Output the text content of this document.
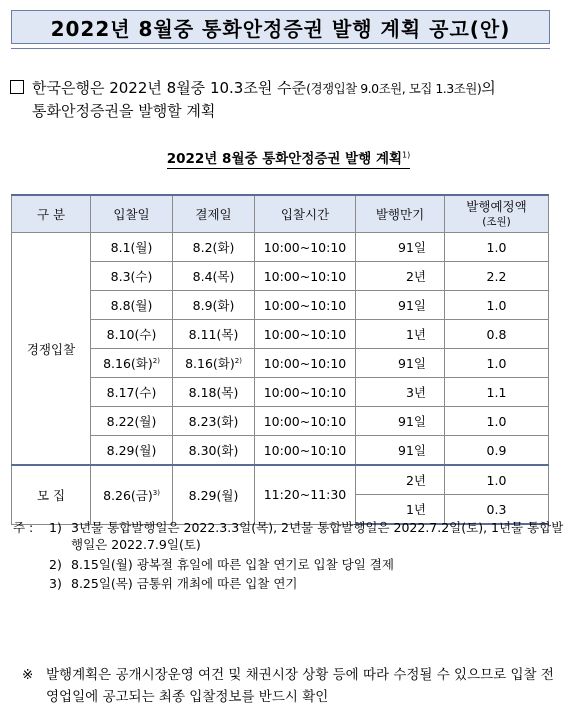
2022년 8월중 통화안정증권 발행 계획 공고(안)
한국은행은 2022년 8월중 10.3조원 수준(경쟁입찰 9.0조원, 모집 1.3조원)의
통화안정증권을 발행할 계획
2022년 8월중 통화안정증권 발행 계획$^{1)}$
구 분	입찰일	결제일	입찰시간	발행만기	발행예정액
(조원)
경쟁입찰	8.1(월)	8.2(화)	10:00~10:10	91일	1.0
	8.3(수)	8.4(목)	10:00~10:10	2년	2.2
	8.8(월)	8.9(화)	10:00~10:10	91일	1.0
	8.10(수)	8.11(목)	10:00~10:10	1년	0.8
	8.16(화)$^{2)}$	8.16(화)$^{2)}$	10:00~10:10	91일	1.0
	8.17(수)	8.18(목)	10:00~10:10	3년	1.1
	8.22(월)	8.23(화)	10:00~10:10	91일	1.0
	8.29(월)	8.30(화)	10:00~10:10	91일	0.9
모 집	8.26(금)$^{3)}$	8.29(월)	11:20~11:30	2년	1.0
				1년	0.3
주 : 1) 3년물 통합발행일은 2022.3.3일(목), 2년물 통합발행일은 2022.7.2일(토), 1년물 통합발행일은 2022.7.9일(토)
2) 8.15일(월) 광복절 휴일에 따른 입찰 연기로 입찰 당일 결제
3) 8.25일(목) 금통위 개최에 따른 입찰 연기
※ 발행계획은 공개시장운영 여건 및 채권시장 상황 등에 따라 수정될 수 있으므로 입찰 전 영업일에 공고되는 최종 입찰정보를 반드시 확인
